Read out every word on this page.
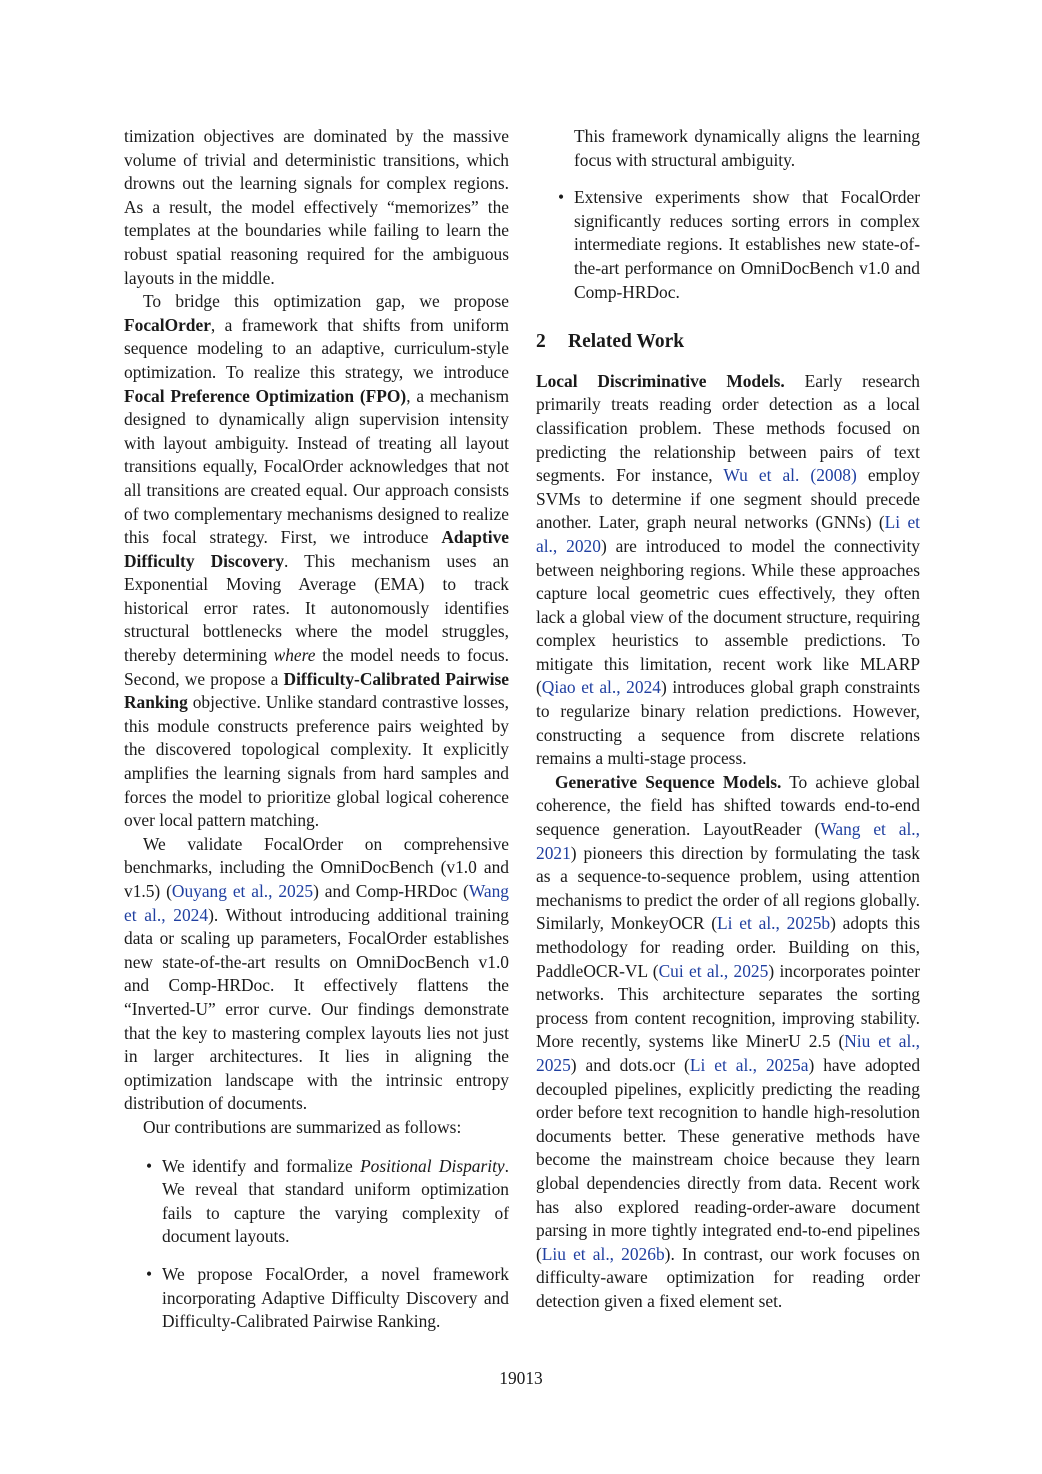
timization objectives are dominated by the massive volume of trivial and deterministic transitions, which drowns out the learning signals for complex regions. As a result, the model effectively “memorizes” the templates at the boundaries while failing to learn the robust spatial reasoning required for the ambiguous layouts in the middle.

To bridge this optimization gap, we propose FocalOrder, a framework that shifts from uniform sequence modeling to an adaptive, curriculum-style optimization. To realize this strategy, we introduce Focal Preference Optimization (FPO), a mechanism designed to dynamically align supervision intensity with layout ambiguity. Instead of treating all layout transitions equally, FocalOrder acknowledges that not all transitions are created equal. Our approach consists of two complementary mechanisms designed to realize this focal strategy. First, we introduce Adaptive Difficulty Discovery. This mechanism uses an Exponential Moving Average (EMA) to track historical error rates. It autonomously identifies structural bottlenecks where the model struggles, thereby determining where the model needs to focus. Second, we propose a Difficulty-Calibrated Pairwise Ranking objective. Unlike standard contrastive losses, this module constructs preference pairs weighted by the discovered topological complexity. It explicitly amplifies the learning signals from hard samples and forces the model to prioritize global logical coherence over local pattern matching.

We validate FocalOrder on comprehensive benchmarks, including the OmniDocBench (v1.0 and v1.5) (Ouyang et al., 2025) and Comp-HRDoc (Wang et al., 2024). Without introducing additional training data or scaling up parameters, FocalOrder establishes new state-of-the-art results on OmniDocBench v1.0 and Comp-HRDoc. It effectively flattens the “Inverted-U” error curve. Our findings demonstrate that the key to mastering complex layouts lies not just in larger architectures. It lies in aligning the optimization landscape with the intrinsic entropy distribution of documents.

Our contributions are summarized as follows:

• We identify and formalize Positional Disparity. We reveal that standard uniform optimization fails to capture the varying complexity of document layouts.
• We propose FocalOrder, a novel framework incorporating Adaptive Difficulty Discovery and Difficulty-Calibrated Pairwise Ranking.
This framework dynamically aligns the learning focus with structural ambiguity.
• Extensive experiments show that FocalOrder significantly reduces sorting errors in complex intermediate regions. It establishes new state-of-the-art performance on OmniDocBench v1.0 and Comp-HRDoc.
2 Related Work

Local Discriminative Models. Early research primarily treats reading order detection as a local classification problem. These methods focused on predicting the relationship between pairs of text segments. For instance, Wu et al. (2008) employ SVMs to determine if one segment should precede another. Later, graph neural networks (GNNs) (Li et al., 2020) are introduced to model the connectivity between neighboring regions. While these approaches capture local geometric cues effectively, they often lack a global view of the document structure, requiring complex heuristics to assemble predictions. To mitigate this limitation, recent work like MLARP (Qiao et al., 2024) introduces global graph constraints to regularize binary relation predictions. However, constructing a sequence from discrete relations remains a multi-stage process.

Generative Sequence Models. To achieve global coherence, the field has shifted towards end-to-end sequence generation. LayoutReader (Wang et al., 2021) pioneers this direction by formulating the task as a sequence-to-sequence problem, using attention mechanisms to predict the order of all regions globally. Similarly, MonkeyOCR (Li et al., 2025b) adopts this methodology for reading order. Building on this, PaddleOCR-VL (Cui et al., 2025) incorporates pointer networks. This architecture separates the sorting process from content recognition, improving stability. More recently, systems like MinerU 2.5 (Niu et al., 2025) and dots.ocr (Li et al., 2025a) have adopted decoupled pipelines, explicitly predicting the reading order before text recognition to handle high-resolution documents better. These generative methods have become the mainstream choice because they learn global dependencies directly from data. Recent work has also explored reading-order-aware document parsing in more tightly integrated end-to-end pipelines (Liu et al., 2026b). In contrast, our work focuses on difficulty-aware optimization for reading order detection given a fixed element set.

19013
